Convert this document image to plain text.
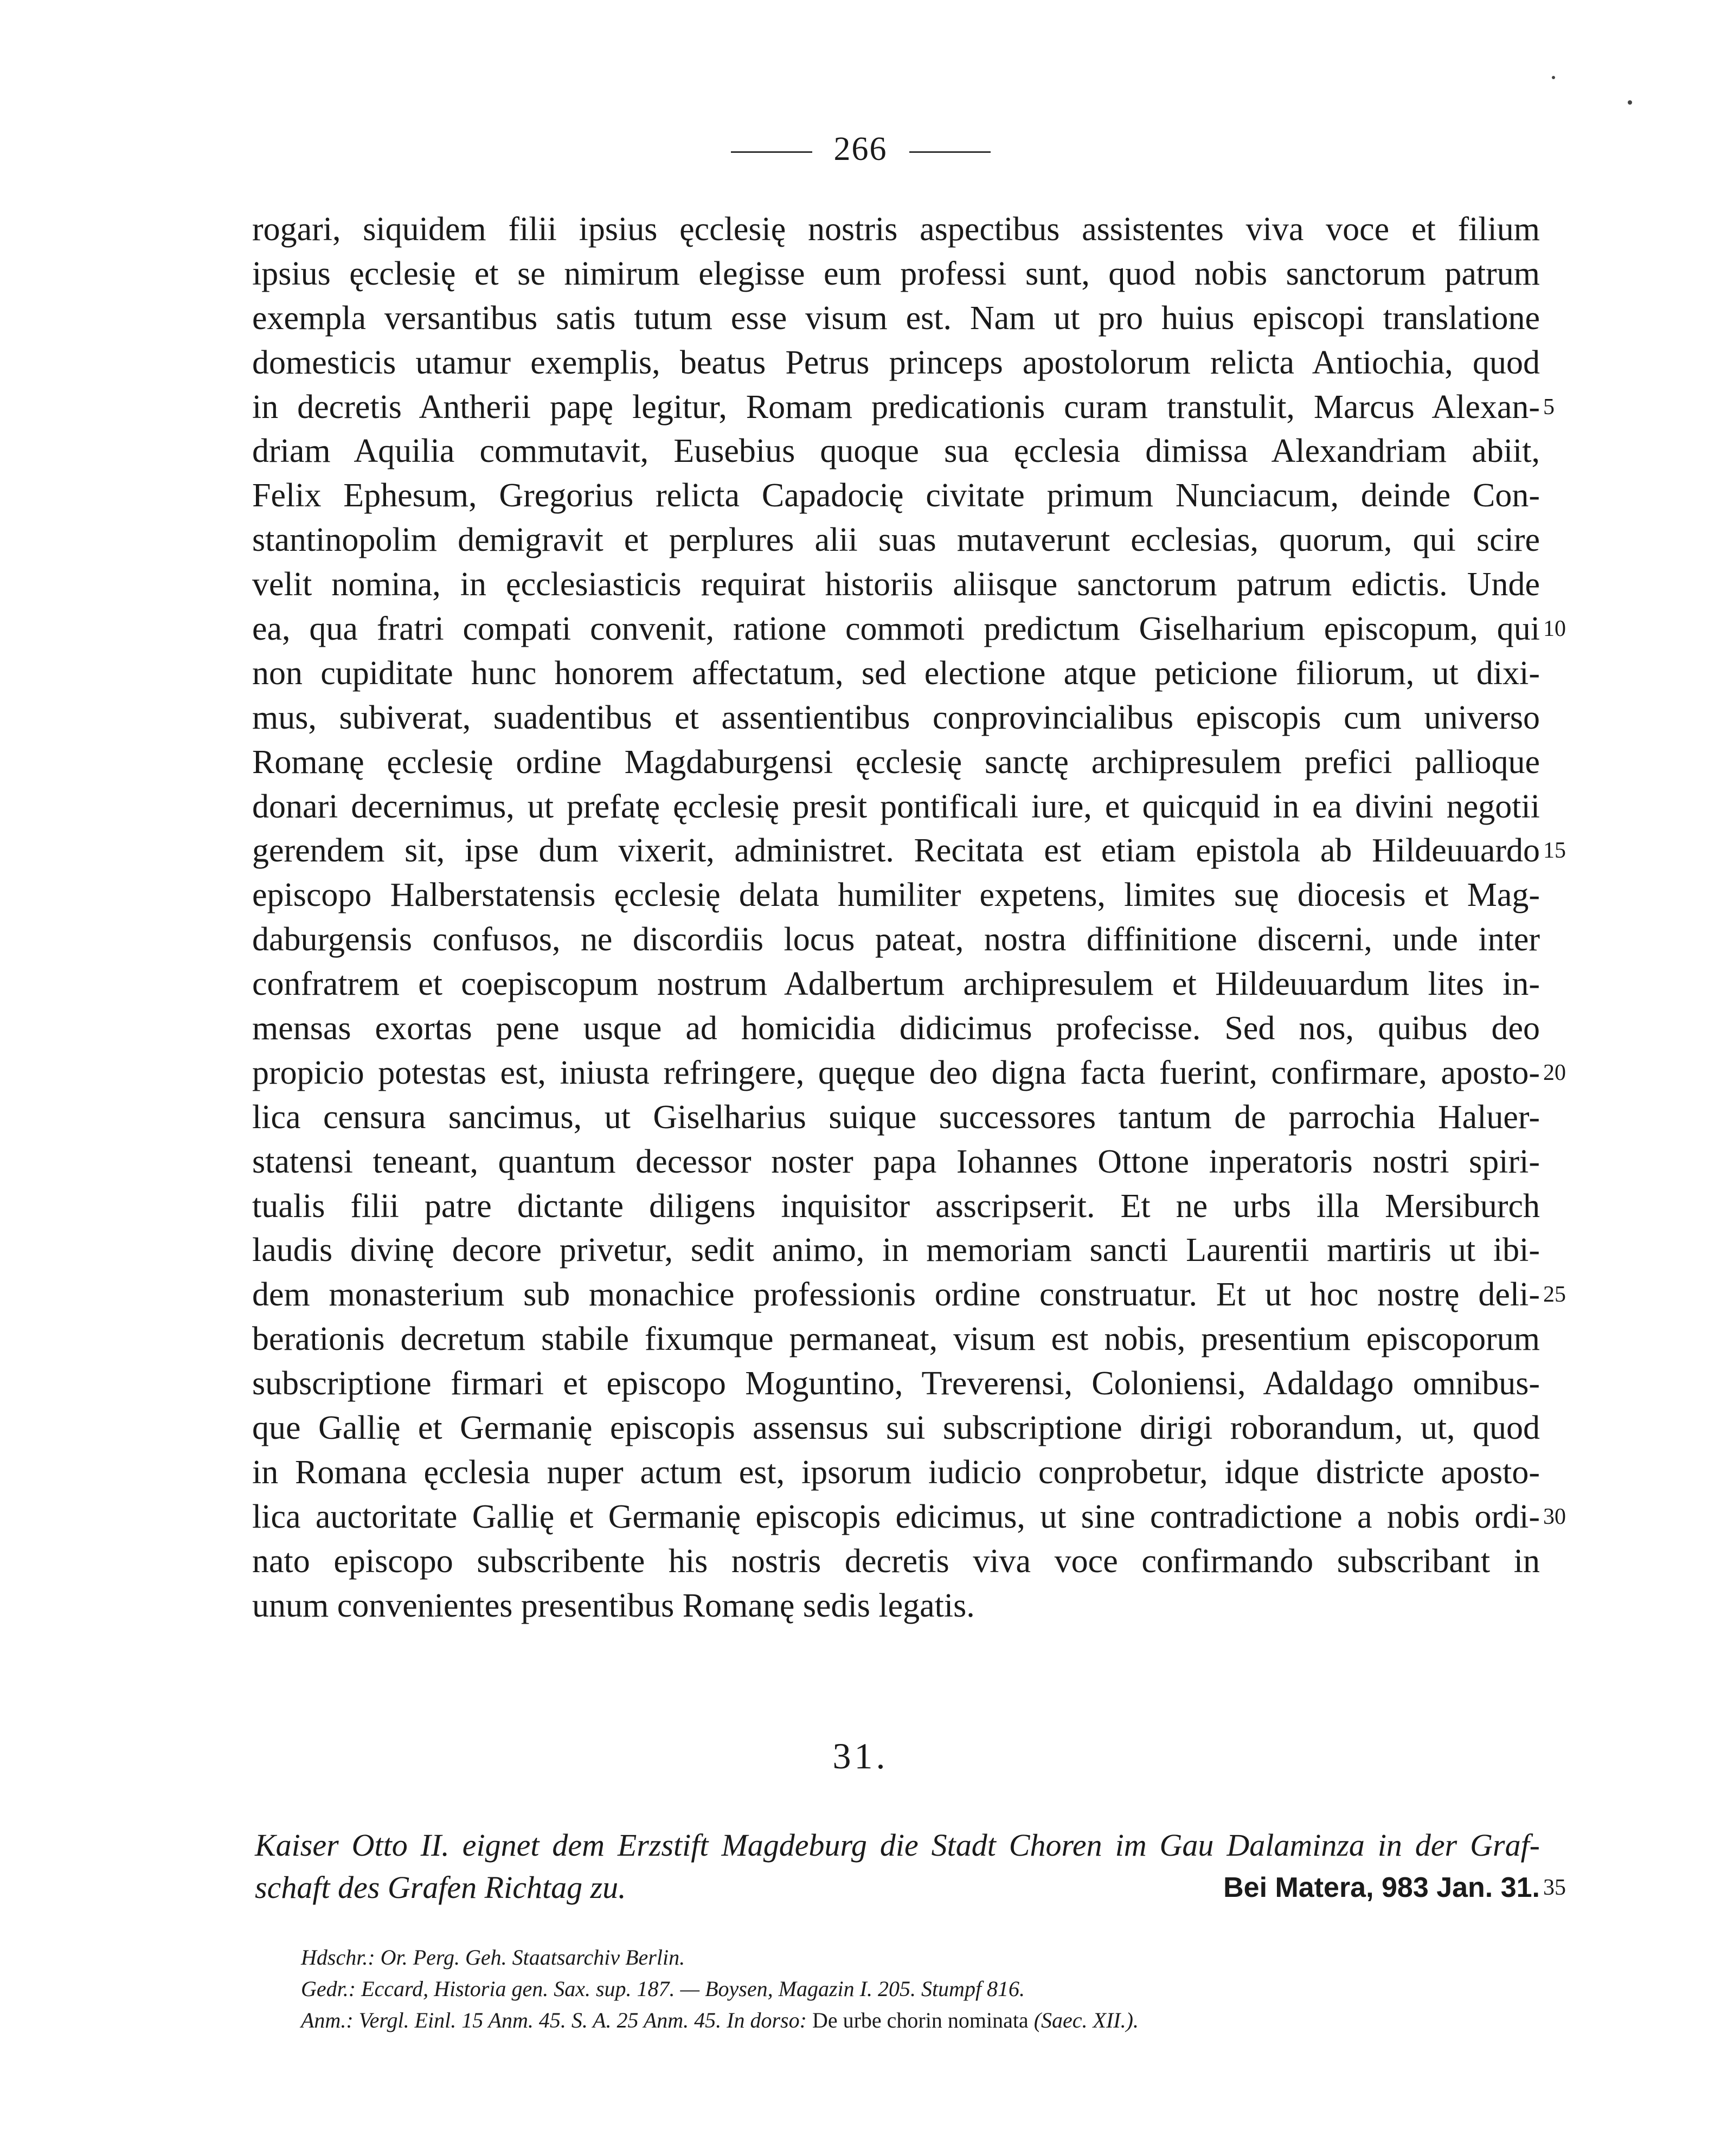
266
rogari, siquidem filii ipsius ęcclesię nostris aspectibus assistentes viva voce et filium
ipsius ęcclesię et se nimirum elegisse eum professi sunt, quod nobis sanctorum patrum
exempla versantibus satis tutum esse visum est. Nam ut pro huius episcopi translatione
domesticis utamur exemplis, beatus Petrus princeps apostolorum relicta Antiochia, quod
in decretis Antherii papę legitur, Romam predicationis curam transtulit, Marcus Alexan- 5
driam Aquilia commutavit, Eusebius quoque sua ęcclesia dimissa Alexandriam abiit,
Felix Ephesum, Gregorius relicta Capadocię civitate primum Nunciacum, deinde Con-
stantinopolim demigravit et perplures alii suas mutaverunt ecclesias, quorum, qui scire
velit nomina, in ęcclesiasticis requirat historiis aliisque sanctorum patrum edictis. Unde
ea, qua fratri compati convenit, ratione commoti predictum Giselharium episcopum, qui 10
non cupiditate hunc honorem affectatum, sed electione atque peticione filiorum, ut dixi-
mus, subiverat, suadentibus et assentientibus conprovincialibus episcopis cum universo
Romanę ęcclesię ordine Magdaburgensi ęcclesię sanctę archipresulem prefici pallioque
donari decernimus, ut prefatę ęcclesię presit pontificali iure, et quicquid in ea divini negotii
gerendem sit, ipse dum vixerit, administret. Recitata est etiam epistola ab Hildeuuardo 15
episcopo Halberstatensis ęcclesię delata humiliter expetens, limites suę diocesis et Mag-
daburgensis confusos, ne discordiis locus pateat, nostra diffinitione discerni, unde inter
confratrem et coepiscopum nostrum Adalbertum archipresulem et Hildeuuardum lites in-
mensas exortas pene usque ad homicidia didicimus profecisse. Sed nos, quibus deo
propicio potestas est, iniusta refringere, quęque deo digna facta fuerint, confirmare, aposto- 20
lica censura sancimus, ut Giselharius suique successores tantum de parrochia Haluer-
statensi teneant, quantum decessor noster papa Iohannes Ottone inperatoris nostri spiri-
tualis filii patre dictante diligens inquisitor asscripserit. Et ne urbs illa Mersiburch
laudis divinę decore privetur, sedit animo, in memoriam sancti Laurentii martiris ut ibi-
dem monasterium sub monachice professionis ordine construatur. Et ut hoc nostrę deli- 25
berationis decretum stabile fixumque permaneat, visum est nobis, presentium episcoporum
subscriptione firmari et episcopo Moguntino, Treverensi, Coloniensi, Adaldago omnibus-
que Gallię et Germanię episcopis assensus sui subscriptione dirigi roborandum, ut, quod
in Romana ęcclesia nuper actum est, ipsorum iudicio conprobetur, idque districte aposto-
lica auctoritate Gallię et Germanię episcopis edicimus, ut sine contradictione a nobis ordi- 30
nato episcopo subscribente his nostris decretis viva voce confirmando subscribant in
unum convenientes presentibus Romanę sedis legatis.
31.
Kaiser Otto II. eignet dem Erzstift Magdeburg die Stadt Choren im Gau Dalaminza in der Graf-
schaft des Grafen Richtag zu.	Bei Matera, 983 Jan. 31. 35
Hdschr.: Or. Perg. Geh. Staatsarchiv Berlin.
Gedr.: Eccard, Historia gen. Sax. sup. 187. — Boysen, Magazin I. 205. Stumpf 816.
Anm.: Vergl. Einl. 15 Anm. 45. S. A. 25 Anm. 45. In dorso: De urbe chorin nominata (Saec. XII.).
